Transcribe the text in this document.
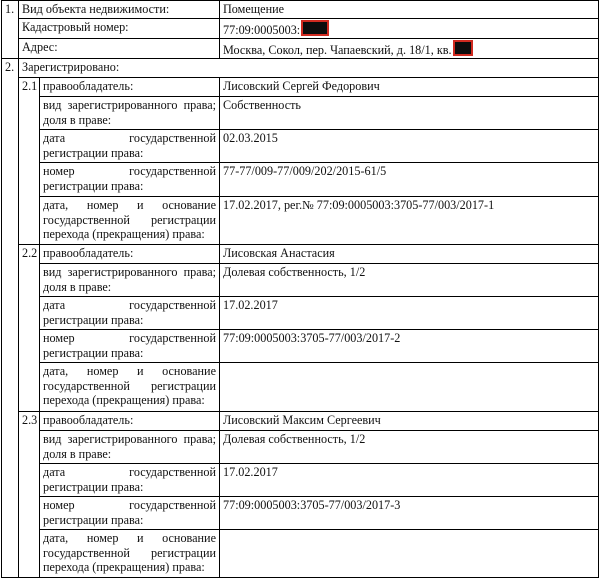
1.	Вид объекта недвижимости:		Помещение
	Кадастровый номер:		77:09:0005003:
	Адрес:		Москва, Сокол, пер. Чапаевский, д. 18/1, кв.
2.	Зарегистрировано:		
	2.1	правообладатель:	Лисовский Сергей Федорович
		вид зарегистрированного права; доля в праве:	Собственность
		дата государственной регистрации права:	02.03.2015
		номер государственной регистрации права:	77-77/009-77/009/202/2015-61/5
		дата, номер и основание государственной регистрации перехода (прекращения) права:	17.02.2017, рег.№ 77:09:0005003:3705-77/003/2017-1
	2.2	правообладатель:	Лисовская Анастасия
		вид зарегистрированного права; доля в праве:	Долевая собственность, 1/2
		дата государственной регистрации права:	17.02.2017
		номер государственной регистрации права:	77:09:0005003:3705-77/003/2017-2
		дата, номер и основание государственной регистрации перехода (прекращения) права:	
	2.3	правообладатель:	Лисовский Максим Сергеевич
		вид зарегистрированного права; доля в праве:	Долевая собственность, 1/2
		дата государственной регистрации права:	17.02.2017
		номер государственной регистрации права:	77:09:0005003:3705-77/003/2017-3
		дата, номер и основание государственной регистрации перехода (прекращения) права:	
